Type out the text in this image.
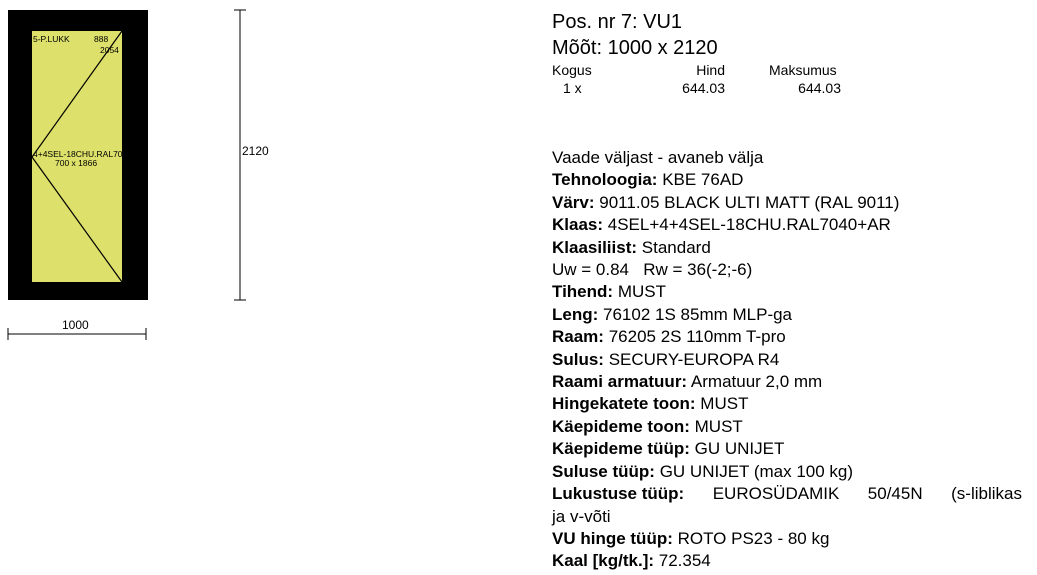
5-P.LUKK	888
2054
4+4SEL-18CHU.RAL7040
700 x 1866
2120
1000
Pos. nr 7: VU1
Mõõt: 1000 x 2120
Kogus	Hind	Maksumus
1 x	644.03	644.03
Vaade väljast - avaneb välja
Tehnoloogia: KBE 76AD
Värv: 9011.05 BLACK ULTI MATT (RAL 9011)
Klaas: 4SEL+4+4SEL-18CHU.RAL7040+AR
Klaasiliist: Standard
Uw = 0.84 Rw = 36(-2;-6)
Tihend: MUST
Leng: 76102 1S 85mm MLP-ga
Raam: 76205 2S 110mm T-pro
Sulus: SECURY-EUROPA R4
Raami armatuur: Armatuur 2,0 mm
Hingekatete toon: MUST
Käepideme toon: MUST
Käepideme tüüp: GU UNIJET
Suluse tüüp: GU UNIJET (max 100 kg)
Lukustuse tüüp: EUROSÜDAMIK 50/45N (s-liblikas
ja v-võti
VU hinge tüüp: ROTO PS23 - 80 kg
Kaal [kg/tk.]: 72.354
